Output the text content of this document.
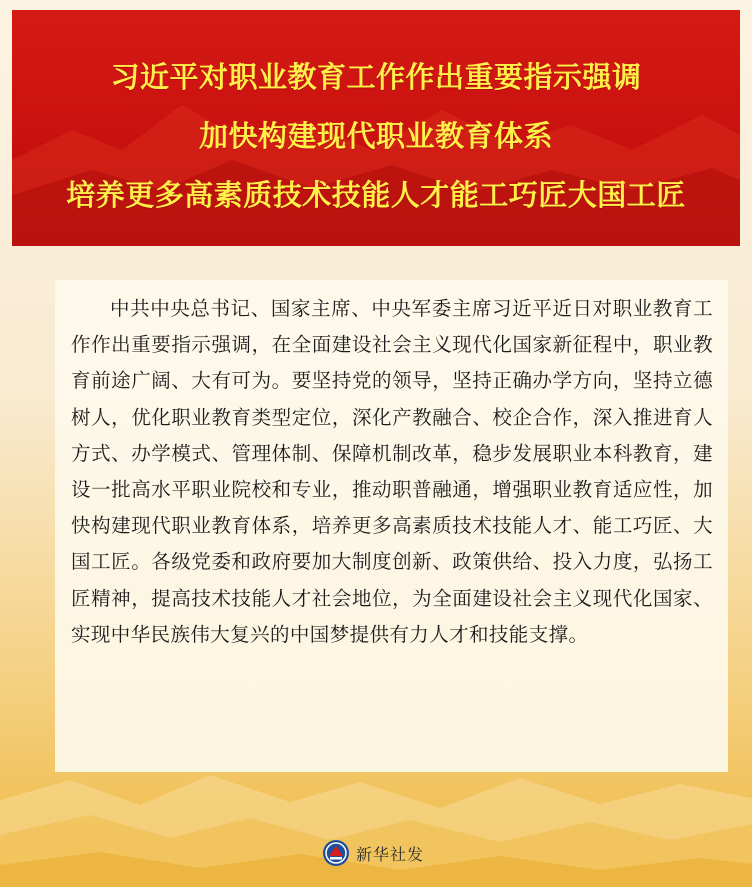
习近平对职业教育工作作出重要指示强调
加快构建现代职业教育体系
培养更多高素质技术技能人才能工巧匠大国工匠

中共中央总书记、国家主席、中央军委主席习近平近日对职业教育工作作出重要指示强调，在全面建设社会主义现代化国家新征程中，职业教育前途广阔、大有可为。要坚持党的领导，坚持正确办学方向，坚持立德树人，优化职业教育类型定位，深化产教融合、校企合作，深入推进育人方式、办学模式、管理体制、保障机制改革，稳步发展职业本科教育，建设一批高水平职业院校和专业，推动职普融通，增强职业教育适应性，加快构建现代职业教育体系，培养更多高素质技术技能人才、能工巧匠、大国工匠。各级党委和政府要加大制度创新、政策供给、投入力度，弘扬工匠精神，提高技术技能人才社会地位，为全面建设社会主义现代化国家、实现中华民族伟大复兴的中国梦提供有力人才和技能支撑。

新华社发
